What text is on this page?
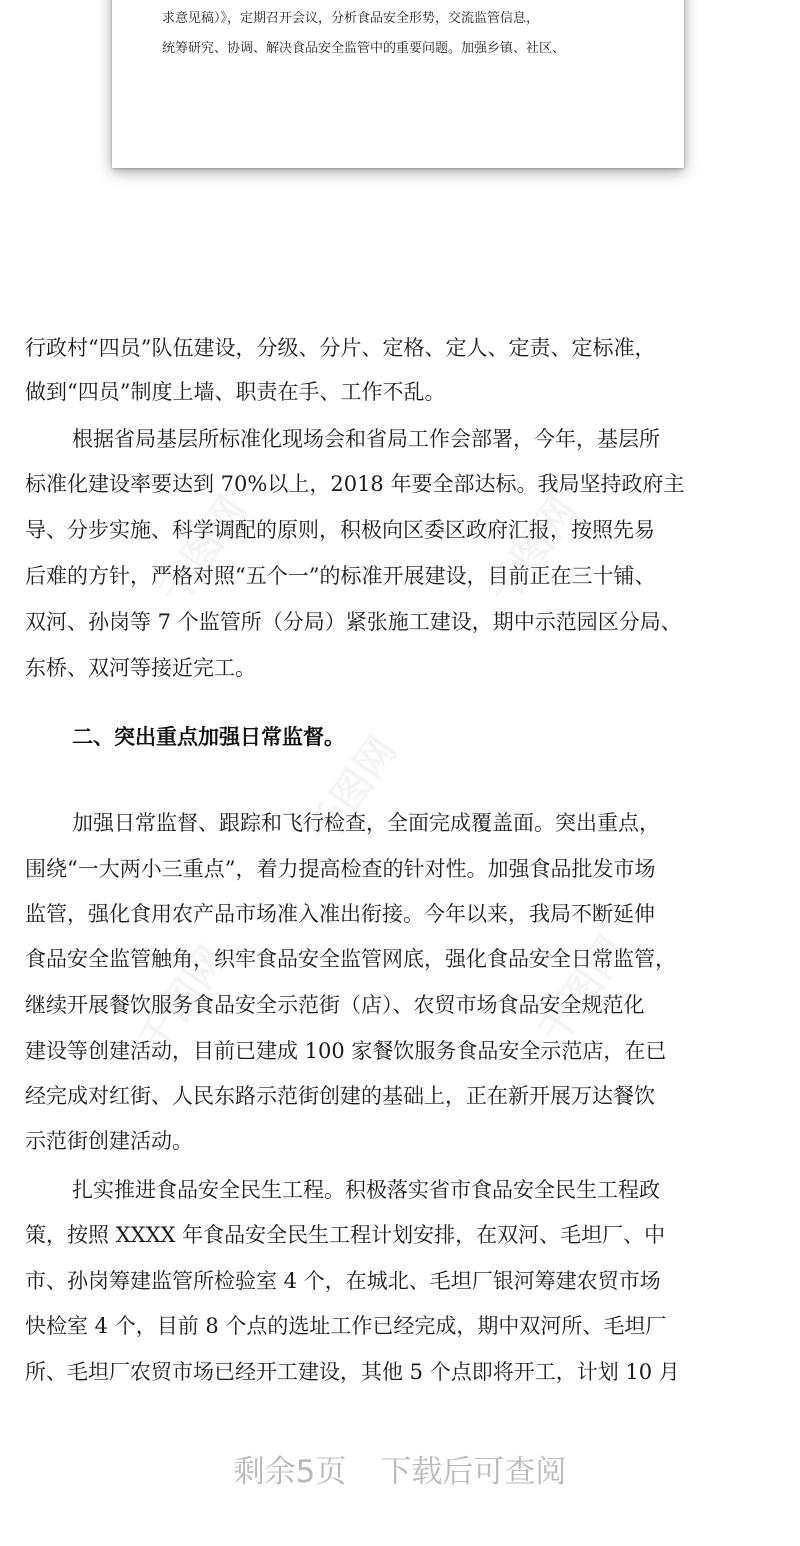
求意见稿）》，定期召开会议，分析食品安全形势，交流监管信息，
统筹研究、协调、解决食品安全监管中的重要问题。加强乡镇、社区、

行政村“四员”队伍建设，分级、分片、定格、定人、定责、定标准，

做到“四员”制度上墙、职责在手、工作不乱。

根据省局基层所标准化现场会和省局工作会部署，今年，基层所

标准化建设率要达到 70%以上，2018 年要全部达标。我局坚持政府主

导、分步实施、科学调配的原则，积极向区委区政府汇报，按照先易

后难的方针，严格对照“五个一”的标准开展建设，目前正在三十铺、

双河、孙岗等 7 个监管所（分局）紧张施工建设，期中示范园区分局、

东桥、双河等接近完工。

二、突出重点加强日常监督。

加强日常监督、跟踪和飞行检查，全面完成覆盖面。突出重点，

围绕“一大两小三重点”，着力提高检查的针对性。加强食品批发市场

监管，强化食用农产品市场准入准出衔接。今年以来，我局不断延伸

食品安全监管触角，织牢食品安全监管网底，强化食品安全日常监管，

继续开展餐饮服务食品安全示范街（店）、农贸市场食品安全规范化

建设等创建活动，目前已建成 100 家餐饮服务食品安全示范店，在已

经完成对红街、人民东路示范街创建的基础上，正在新开展万达餐饮

示范街创建活动。

扎实推进食品安全民生工程。积极落实省市食品安全民生工程政

策，按照 XXXX 年食品安全民生工程计划安排，在双河、毛坦厂、中

市、孙岗筹建监管所检验室 4 个，在城北、毛坦厂银河筹建农贸市场

快检室 4 个，目前 8 个点的选址工作已经完成，期中双河所、毛坦厂

所、毛坦厂农贸市场已经开工建设，其他 5 个点即将开工，计划 10 月

剩余5页 下载后可查阅
